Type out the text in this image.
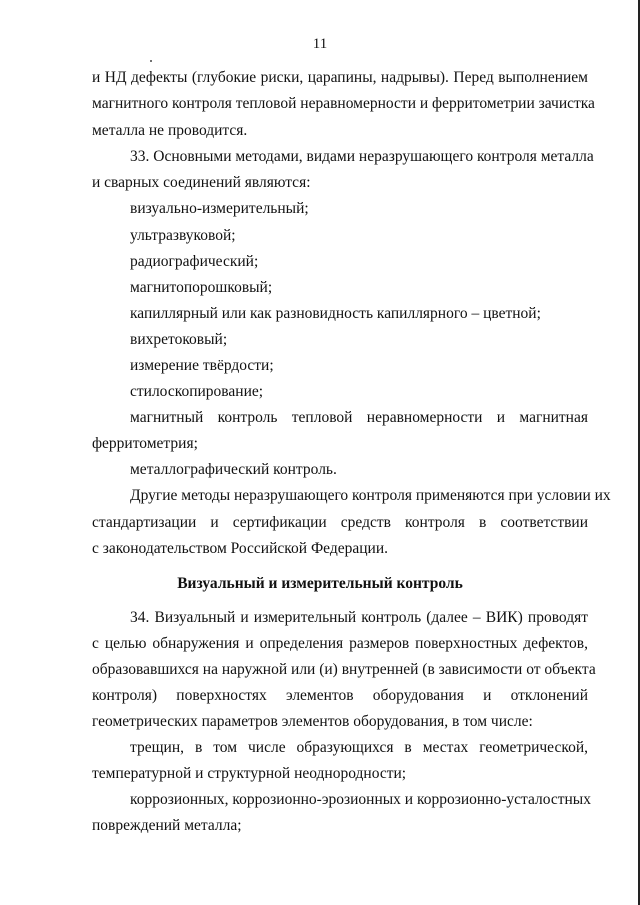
11
и НД дефекты (глубокие риски, царапины, надрывы). Перед выполнением
магнитного контроля тепловой неравномерности и ферритометрии зачистка
металла не проводится.
33. Основными методами, видами неразрушающего контроля металла
и сварных соединений являются:
визуально-измерительный;
ультразвуковой;
радиографический;
магнитопорошковый;
капиллярный или как разновидность капиллярного – цветной;
вихретоковый;
измерение твёрдости;
стилоскопирование;
магнитный контроль тепловой неравномерности и магнитная
ферритометрия;
металлографический контроль.
Другие методы неразрушающего контроля применяются при условии их
стандартизации и сертификации средств контроля в соответствии
с законодательством Российской Федерации.
Визуальный и измерительный контроль
34. Визуальный и измерительный контроль (далее – ВИК) проводят
с целью обнаружения и определения размеров поверхностных дефектов,
образовавшихся на наружной или (и) внутренней (в зависимости от объекта
контроля) поверхностях элементов оборудования и отклонений
геометрических параметров элементов оборудования, в том числе:
трещин, в том числе образующихся в местах геометрической,
температурной и структурной неоднородности;
коррозионных, коррозионно-эрозионных и коррозионно-усталостных
повреждений металла;
